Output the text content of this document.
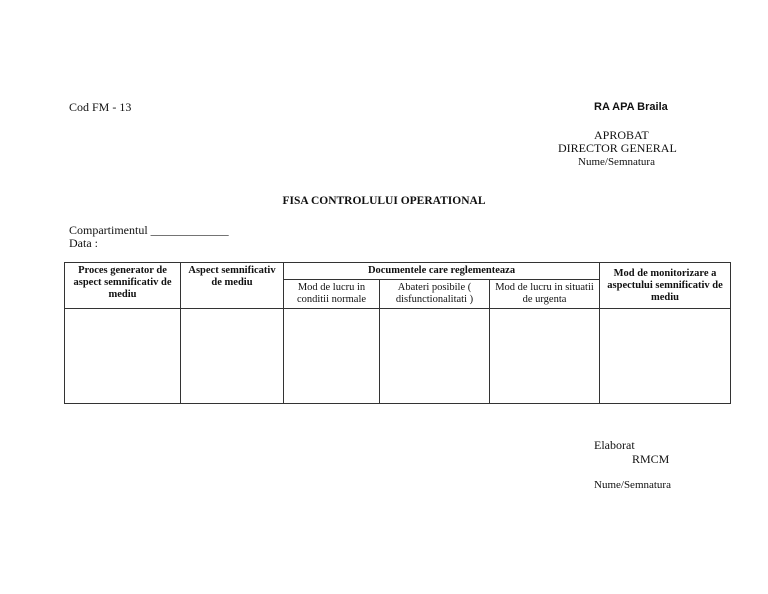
Cod FM - 13	RA APA Braila
APROBAT
DIRECTOR GENERAL
Nume/Semnatura
FISA CONTROLULUI OPERATIONAL
Compartimentul _____________
Data :
Proces generator de aspect semnificativ de mediu	Aspect semnificativ de mediu	Documentele care reglementeaza			Mod de monitorizare a aspectului semnificativ de mediu
		Mod de lucru in conditii normale	Abateri posibile ( disfunctionalitati )	Mod de lucru in situatii de urgenta	

Elaborat
RMCM
Nume/Semnatura
